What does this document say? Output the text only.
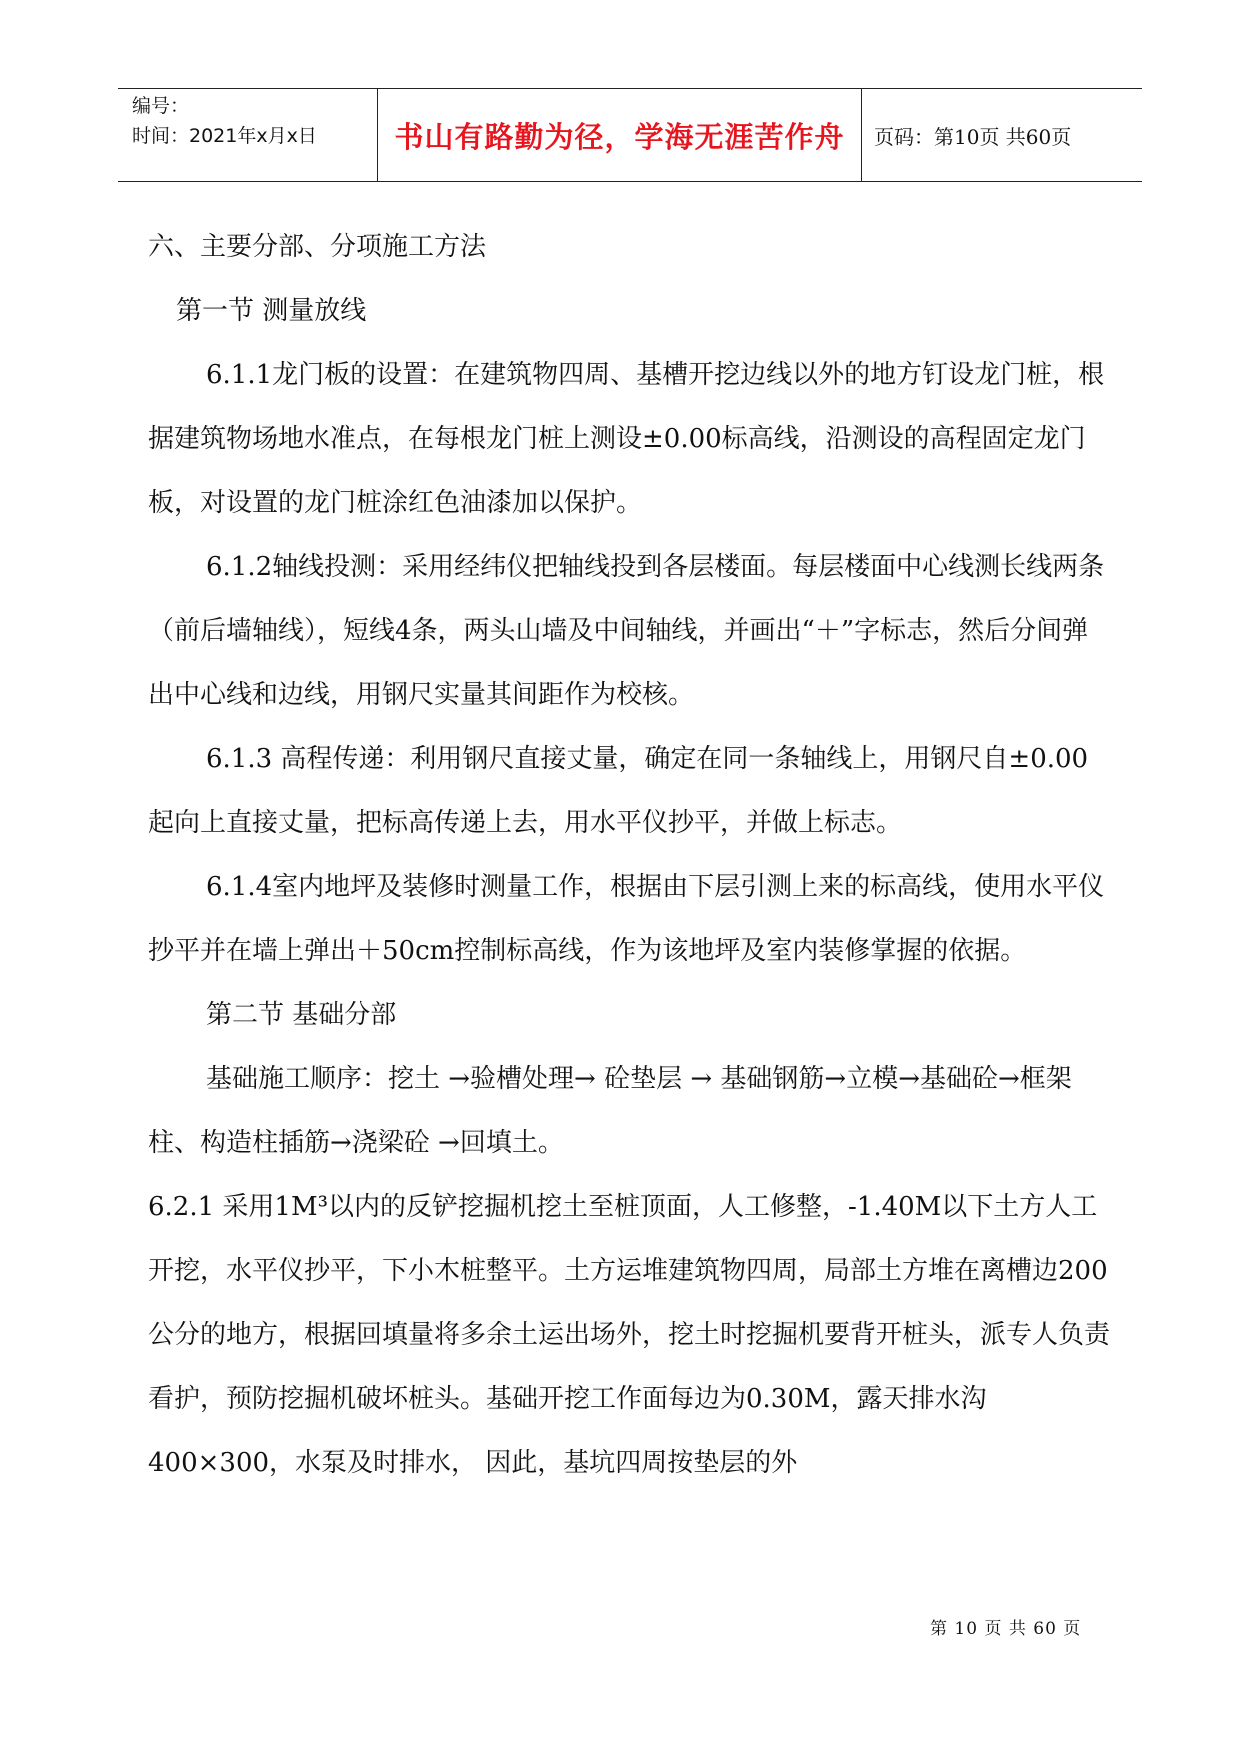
编号：
时间：2021年x月x日	书山有路勤为径，学海无涯苦作舟	页码：第10页 共60页

六、主要分部、分项施工方法

第一节 测量放线

6.1.1龙门板的设置：在建筑物四周、基槽开挖边线以外的地方钉设龙门桩，根据建筑物场地水准点，在每根龙门桩上测设±0.00标高线，沿测设的高程固定龙门板，对设置的龙门桩涂红色油漆加以保护。

6.1.2轴线投测：采用经纬仪把轴线投到各层楼面。每层楼面中心线测长线两条（前后墙轴线），短线4条，两头山墙及中间轴线，并画出“＋”字标志，然后分间弹出中心线和边线，用钢尺实量其间距作为校核。

6.1.3 高程传递：利用钢尺直接丈量，确定在同一条轴线上，用钢尺自±0.00起向上直接丈量，把标高传递上去，用水平仪抄平，并做上标志。

6.1.4室内地坪及装修时测量工作，根据由下层引测上来的标高线，使用水平仪抄平并在墙上弹出＋50cm控制标高线，作为该地坪及室内装修掌握的依据。

第二节 基础分部

基础施工顺序：挖土 →验槽处理→ 砼垫层 → 基础钢筋→立模→基础砼→框架柱、构造柱插筋→浇梁砼 →回填土。

6.2.1 采用1M³以内的反铲挖掘机挖土至桩顶面，人工修整，-1.40M以下土方人工开挖，水平仪抄平，下小木桩整平。土方运堆建筑物四周，局部土方堆在离槽边200公分的地方，根据回填量将多余土运出场外，挖土时挖掘机要背开桩头，派专人负责看护，预防挖掘机破坏桩头。基础开挖工作面每边为0.30M，露天排水沟400×300，水泵及时排水， 因此，基坑四周按垫层的外

第 10 页 共 60 页
